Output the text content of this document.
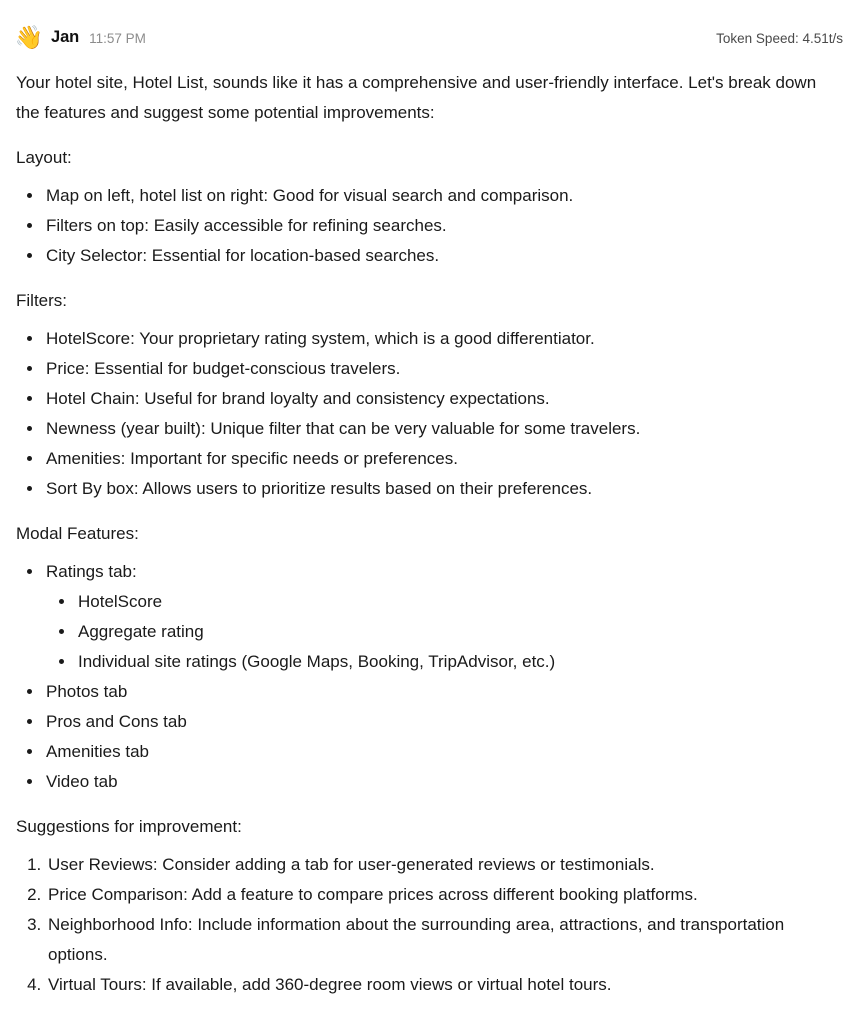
👋 Jan 11:57 PM	Token Speed: 4.51t/s

Your hotel site, Hotel List, sounds like it has a comprehensive and user-friendly interface. Let's break down the features and suggest some potential improvements:

Layout:

• Map on left, hotel list on right: Good for visual search and comparison.
• Filters on top: Easily accessible for refining searches.
• City Selector: Essential for location-based searches.

Filters:

• HotelScore: Your proprietary rating system, which is a good differentiator.
• Price: Essential for budget-conscious travelers.
• Hotel Chain: Useful for brand loyalty and consistency expectations.
• Newness (year built): Unique filter that can be very valuable for some travelers.
• Amenities: Important for specific needs or preferences.
• Sort By box: Allows users to prioritize results based on their preferences.

Modal Features:

• Ratings tab:
• HotelScore
• Aggregate rating
• Individual site ratings (Google Maps, Booking, TripAdvisor, etc.)
• Photos tab
• Pros and Cons tab
• Amenities tab
• Video tab

Suggestions for improvement:

1. User Reviews: Consider adding a tab for user-generated reviews or testimonials.
2. Price Comparison: Add a feature to compare prices across different booking platforms.
3. Neighborhood Info: Include information about the surrounding area, attractions, and transportation options.
4. Virtual Tours: If available, add 360-degree room views or virtual hotel tours.
